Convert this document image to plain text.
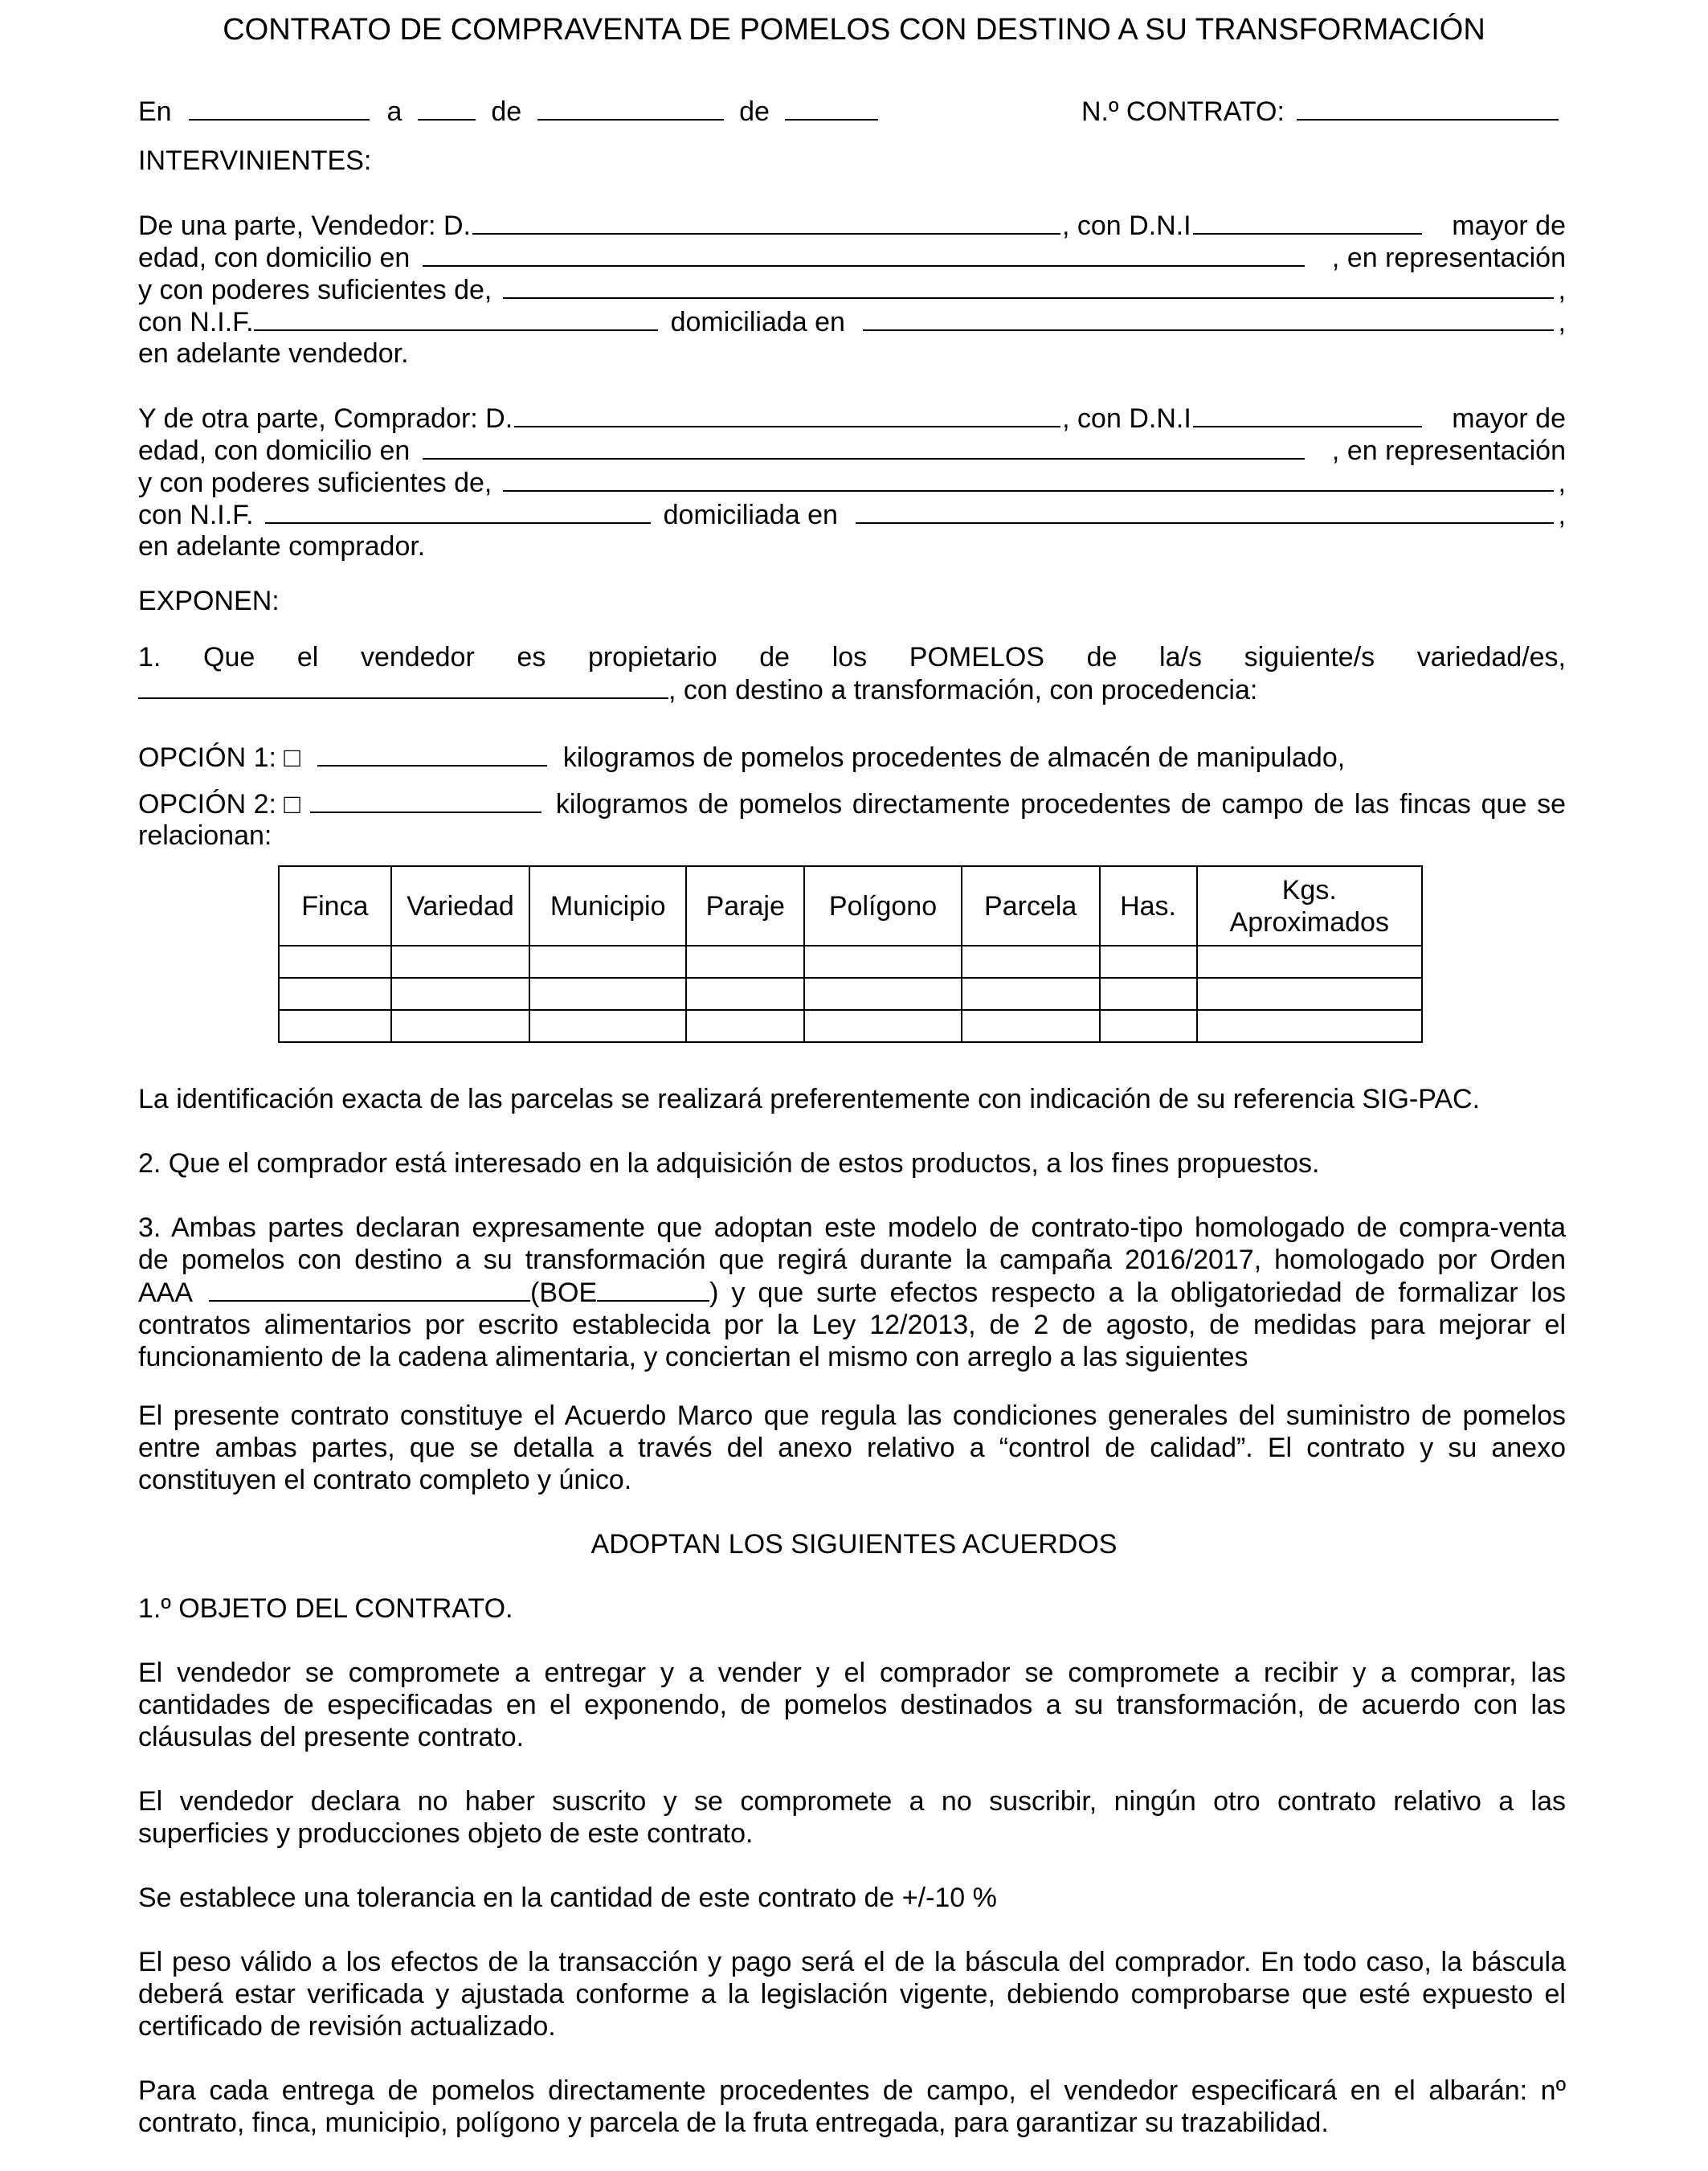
CONTRATO DE COMPRAVENTA DE POMELOS CON DESTINO A SU TRANSFORMACIÓN
En	a	de	de	N.º CONTRATO:
INTERVINIENTES:
De una parte, Vendedor: D.	, con D.N.I	mayor de
edad, con domicilio en	, en representación
y con poderes suficientes de,	,
con N.I.F.	domiciliada en	,
en adelante vendedor.
Y de otra parte, Comprador: D.	, con D.N.I	mayor de
edad, con domicilio en	, en representación
y con poderes suficientes de,	,
con N.I.F.	domiciliada en	,
en adelante comprador.
EXPONEN:
1. Que el vendedor es propietario de los POMELOS de la/s siguiente/s variedad/es,
, con destino a transformación, con procedencia:
OPCIÓN 1: □	kilogramos de pomelos procedentes de almacén de manipulado,
OPCIÓN 2: □	kilogramos de pomelos directamente procedentes de campo de las fincas que se
relacionan:
Finca	Variedad	Municipio	Paraje	Polígono	Parcela	Has.	Kgs. Aproximados

La identificación exacta de las parcelas se realizará preferentemente con indicación de su referencia SIG-PAC.
2. Que el comprador está interesado en la adquisición de estos productos, a los fines propuestos.
3. Ambas partes declaran expresamente que adoptan este modelo de contrato-tipo homologado de compra-venta
de pomelos con destino a su transformación que regirá durante la campaña 2016/2017, homologado por Orden
AAA	(BOE	) y que surte efectos respecto a la obligatoriedad de formalizar los
contratos alimentarios por escrito establecida por la Ley 12/2013, de 2 de agosto, de medidas para mejorar el
funcionamiento de la cadena alimentaria, y conciertan el mismo con arreglo a las siguientes
El presente contrato constituye el Acuerdo Marco que regula las condiciones generales del suministro de pomelos
entre ambas partes, que se detalla a través del anexo relativo a “control de calidad”. El contrato y su anexo
constituyen el contrato completo y único.
ADOPTAN LOS SIGUIENTES ACUERDOS
1.º OBJETO DEL CONTRATO.
El vendedor se compromete a entregar y a vender y el comprador se compromete a recibir y a comprar, las
cantidades de especificadas en el exponendo, de pomelos destinados a su transformación, de acuerdo con las
cláusulas del presente contrato.
El vendedor declara no haber suscrito y se compromete a no suscribir, ningún otro contrato relativo a las
superficies y producciones objeto de este contrato.
Se establece una tolerancia en la cantidad de este contrato de +/-10 %
El peso válido a los efectos de la transacción y pago será el de la báscula del comprador. En todo caso, la báscula
deberá estar verificada y ajustada conforme a la legislación vigente, debiendo comprobarse que esté expuesto el
certificado de revisión actualizado.
Para cada entrega de pomelos directamente procedentes de campo, el vendedor especificará en el albarán: nº
contrato, finca, municipio, polígono y parcela de la fruta entregada, para garantizar su trazabilidad.
